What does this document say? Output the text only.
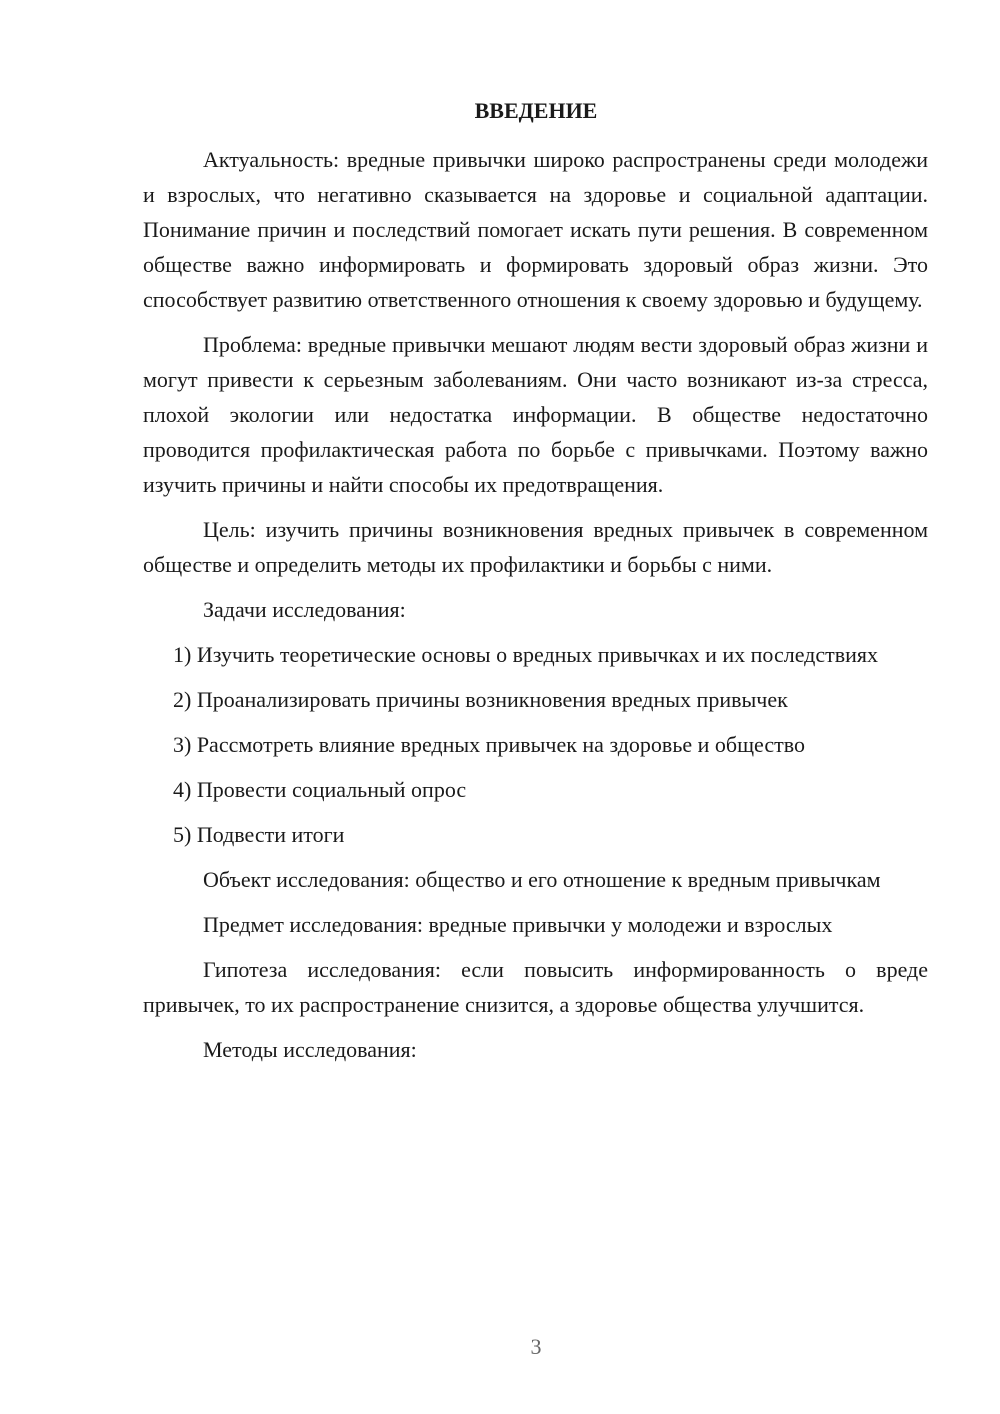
ВВЕДЕНИЕ

Актуальность: вредные привычки широко распространены среди молодежи и взрослых, что негативно сказывается на здоровье и социальной адаптации. Понимание причин и последствий помогает искать пути решения. В современном обществе важно информировать и формировать здоровый образ жизни. Это способствует развитию ответственного отношения к своему здоровью и будущему.

Проблема: вредные привычки мешают людям вести здоровый образ жизни и могут привести к серьезным заболеваниям. Они часто возникают из-за стресса, плохой экологии или недостатка информации. В обществе недостаточно проводится профилактическая работа по борьбе с привычками. Поэтому важно изучить причины и найти способы их предотвращения.

Цель: изучить причины возникновения вредных привычек в современном обществе и определить методы их профилактики и борьбы с ними.

Задачи исследования:

1) Изучить теоретические основы о вредных привычках и их последствиях

2) Проанализировать причины возникновения вредных привычек

3) Рассмотреть влияние вредных привычек на здоровье и общество

4) Провести социальный опрос

5) Подвести итоги

Объект исследования: общество и его отношение к вредным привычкам

Предмет исследования: вредные привычки у молодежи и взрослых

Гипотеза исследования: если повысить информированность о вреде привычек, то их распространение снизится, а здоровье общества улучшится.

Методы исследования:

3
